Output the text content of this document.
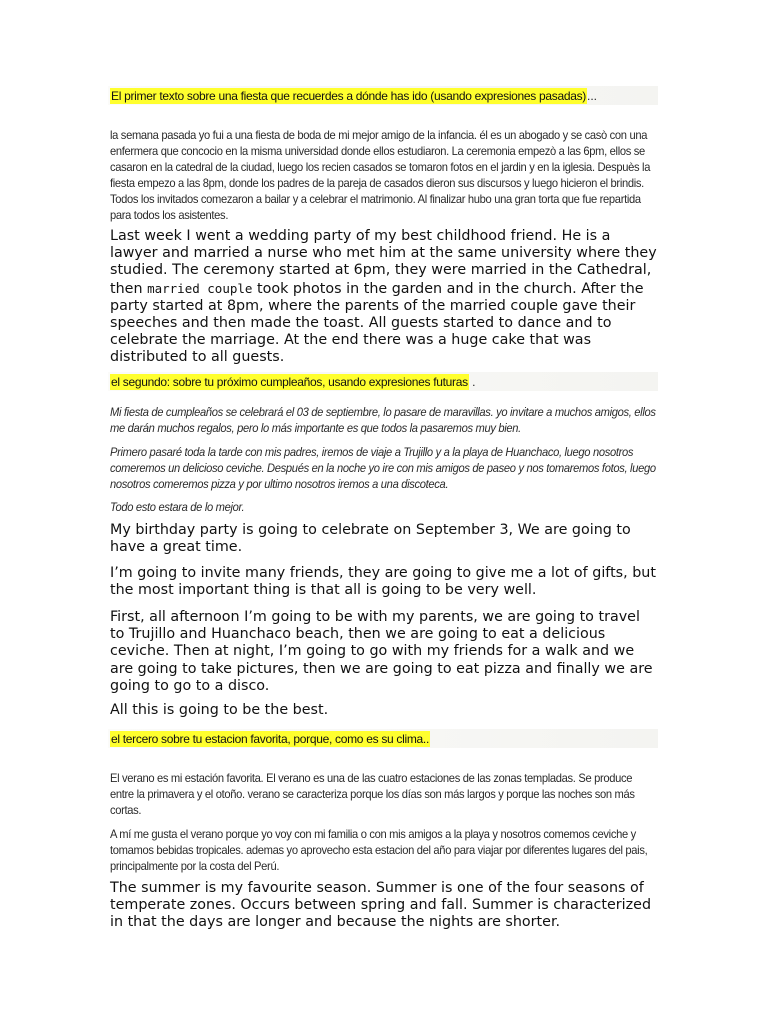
El primer texto sobre una fiesta que recuerdes a dónde has ido (usando expresiones pasadas)...

la semana pasada yo fui a una fiesta de boda de mi mejor amigo de la infancia. él es un abogado y se casò con una enfermera que concocio en la misma universidad donde ellos estudiaron. La ceremonia empezò a las 6pm, ellos se casaron en la catedral de la ciudad, luego los recien casados se tomaron fotos en el jardin y en la iglesia. Despuès la fiesta empezo a las 8pm, donde los padres de la pareja de casados dieron sus discursos y luego hicieron el brindis. Todos los invitados comezaron a bailar y a celebrar el matrimonio. Al finalizar hubo una gran torta que fue repartida para todos los asistentes.

Last week I went a wedding party of my best childhood friend. He is a lawyer and married a nurse who met him at the same university where they studied. The ceremony started at 6pm, they were married in the Cathedral, then married couple took photos in the garden and in the church. After the party started at 8pm, where the parents of the married couple gave their speeches and then made the toast. All guests started to dance and to celebrate the marriage. At the end there was a huge cake that was distributed to all guests.

el segundo: sobre tu próximo cumpleaños, usando expresiones futuras .

Mi fiesta de cumpleaños se celebrará el 03 de septiembre, lo pasare de maravillas. yo invitare a muchos amigos, ellos me darán muchos regalos, pero lo más importante es que todos la pasaremos muy bien.

Primero pasaré toda la tarde con mis padres, iremos de viaje a Trujillo y a la playa de Huanchaco, luego nosotros comeremos un delicioso ceviche. Después en la noche yo ire con mis amigos de paseo y nos tomaremos fotos, luego nosotros comeremos pizza y por ultimo nosotros iremos a una discoteca.

Todo esto estara de lo mejor.

My birthday party is going to celebrate on September 3, We are going to have a great time.

I’m going to invite many friends, they are going to give me a lot of gifts, but the most important thing is that all is going to be very well.

First, all afternoon I’m going to be with my parents, we are going to travel to Trujillo and Huanchaco beach, then we are going to eat a delicious ceviche. Then at night, I’m going to go with my friends for a walk and we are going to take pictures, then we are going to eat pizza and finally we are going to go to a disco.

All this is going to be the best.

el tercero sobre tu estacion favorita, porque, como es su clima..

El verano es mi estación favorita. El verano es una de las cuatro estaciones de las zonas templadas. Se produce entre la primavera y el otoño. verano se caracteriza porque los días son más largos y porque las noches son más cortas.

A mí me gusta el verano porque yo voy con mi familia o con mis amigos a la playa y nosotros comemos ceviche y tomamos bebidas tropicales. ademas yo aprovecho esta estacion del año para viajar por diferentes lugares del pais, principalmente por la costa del Perú.

The summer is my favourite season. Summer is one of the four seasons of temperate zones. Occurs between spring and fall. Summer is characterized in that the days are longer and because the nights are shorter.
